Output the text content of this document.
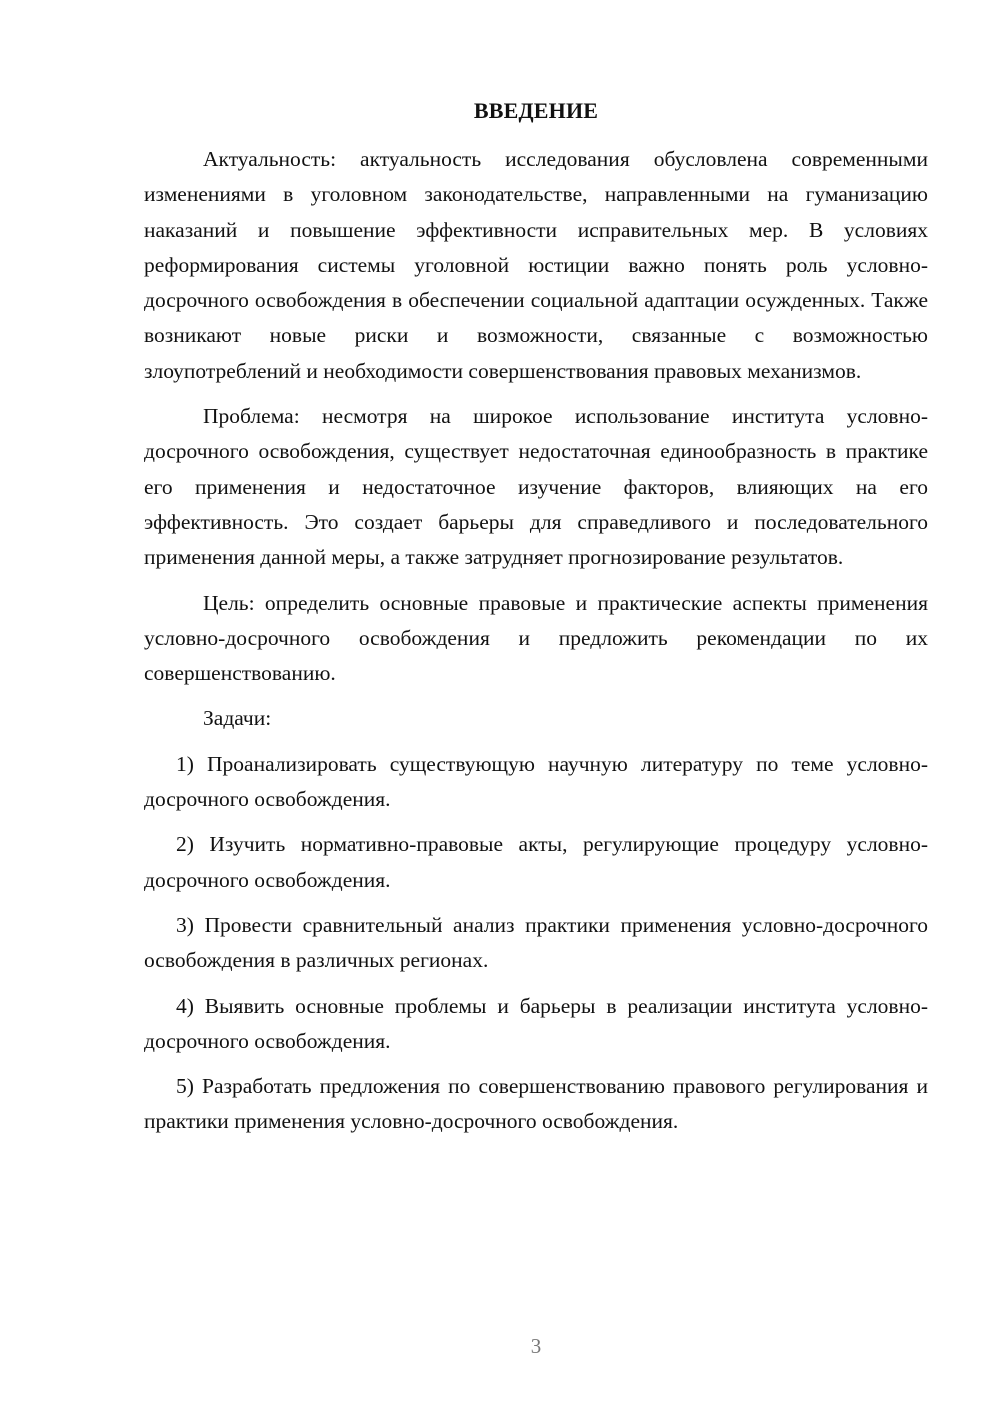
ВВЕДЕНИЕ

Актуальность: актуальность исследования обусловлена современными изменениями в уголовном законодательстве, направленными на гуманизацию наказаний и повышение эффективности исправительных мер. В условиях реформирования системы уголовной юстиции важно понять роль условно-досрочного освобождения в обеспечении социальной адаптации осужденных. Также возникают новые риски и возможности, связанные с возможностью злоупотреблений и необходимости совершенствования правовых механизмов.

Проблема: несмотря на широкое использование института условно-досрочного освобождения, существует недостаточная единообразность в практике его применения и недостаточное изучение факторов, влияющих на его эффективность. Это создает барьеры для справедливого и последовательного применения данной меры, а также затрудняет прогнозирование результатов.

Цель: определить основные правовые и практические аспекты применения условно-досрочного освобождения и предложить рекомендации по их совершенствованию.

Задачи:

1) Проанализировать существующую научную литературу по теме условно-досрочного освобождения.

2) Изучить нормативно-правовые акты, регулирующие процедуру условно-досрочного освобождения.

3) Провести сравнительный анализ практики применения условно-досрочного освобождения в различных регионах.

4) Выявить основные проблемы и барьеры в реализации института условно-досрочного освобождения.

5) Разработать предложения по совершенствованию правового регулирования и практики применения условно-досрочного освобождения.

3
